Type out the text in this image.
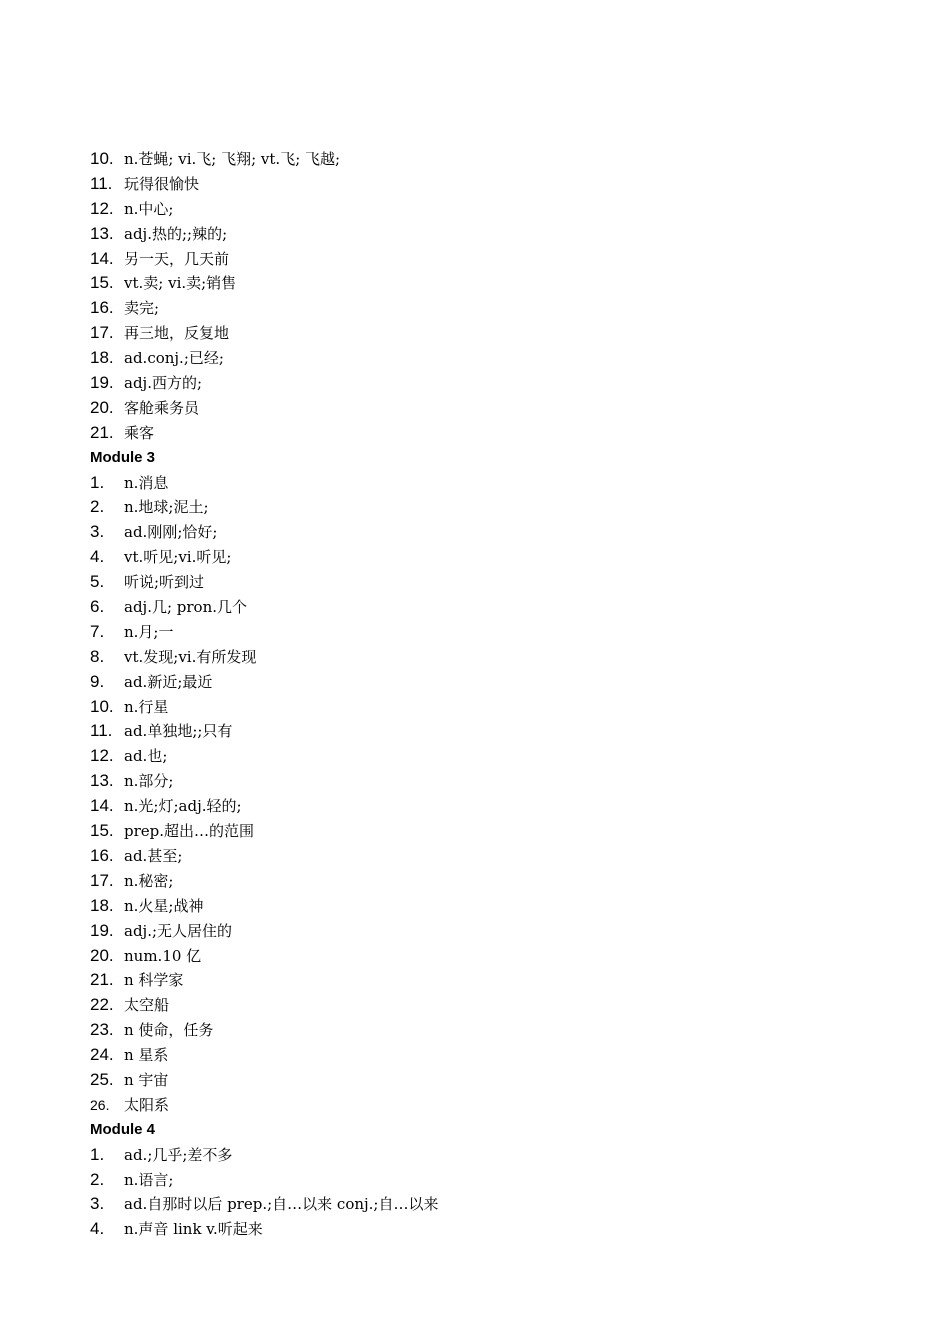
10. n.苍蝇; vi.飞; 飞翔; vt.飞; 飞越;
11. 玩得很愉快
12. n.中心;
13. adj.热的;;辣的;
14. 另一天，几天前
15. vt.卖; vi.卖;销售
16. 卖完;
17. 再三地，反复地
18. ad.conj.;已经;
19. adj.西方的;
20. 客舱乘务员
21. 乘客
Module 3
1. n.消息
2. n.地球;泥土;
3. ad.刚刚;恰好;
4. vt.听见;vi.听见;
5. 听说;听到过
6. adj.几; pron.几个
7. n.月;一
8. vt.发现;vi.有所发现
9. ad.新近;最近
10. n.行星
11. ad.单独地;;只有
12. ad.也;
13. n.部分;
14. n.光;灯;adj.轻的;
15. prep.超出…的范围
16. ad.甚至;
17. n.秘密;
18. n.火星;战神
19. adj.;无人居住的
20. num.10 亿
21. n 科学家
22. 太空船
23. n 使命，任务
24. n 星系
25. n 宇宙
26. 太阳系
Module 4
1. ad.;几乎;差不多
2. n.语言;
3. ad.自那时以后 prep.;自…以来 conj.;自…以来
4. n.声音 link v.听起来
